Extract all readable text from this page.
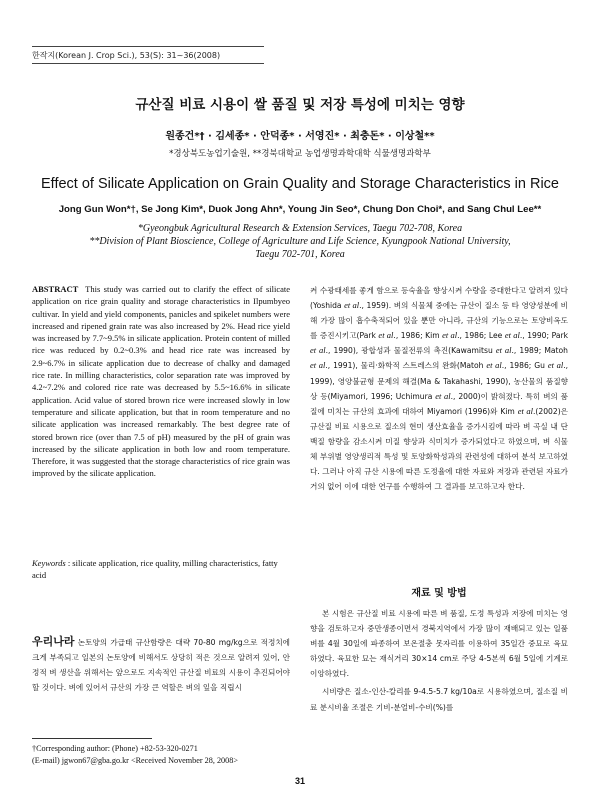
한작지(Korean J. Crop Sci.), 53(S): 31~36(2008)
규산질 비료 시용이 쌀 품질 및 저장 특성에 미치는 영향
원종건*† · 김세종* · 안덕종* · 서영진* · 최충돈* · 이상철**
*경상북도농업기술원, **경북대학교 농업생명과학대학 식물생명과학부
Effect of Silicate Application on Grain Quality and Storage Characteristics in Rice
Jong Gun Won*†, Se Jong Kim*, Duok Jong Ahn*, Young Jin Seo*, Chung Don Choi*, and Sang Chul Lee**
*Gyeongbuk Agricultural Research & Extension Services, Taegu 702-708, Korea
**Division of Plant Bioscience, College of Agriculture and Life Science, Kyungpook National University,
Taegu 702-701, Korea
ABSTRACT This study was carried out to clarify the effect of silicate application on rice grain quality and storage characteristics in Ilpumbyeo cultivar. In yield and yield components, panicles and spikelet numbers were increased and ripened grain rate was also increased by 2%. Head rice yield was increased by 7.7~9.5% in silicate application. Protein content of milled rice was reduced by 0.2~0.3% and head rice rate was increased by 2.9~6.7% in silicate application due to decrease of chalky and damaged rice rate. In milling characteristics, color separation rate was improved by 4.2~7.2% and colored rice rate was decreased by 5.5~16.6% in silicate application. Acid value of stored brown rice were increased slowly in low temperature and silicate application, but that in room temperature and no silicate application was increased remarkably. The best degree rate of stored brown rice (over than 7.5 of pH) measured by the pH of grain was increased by the silicate application in both low and room temperature. Therefore, it was suggested that the storage characteristics of rice grain was improved by the silicate application.
Keywords : silicate application, rice quality, milling characteristics, fatty acid
우리나라 논토양의 가급태 규산함량은 대략 70-80 mg/kg으로 적정치에 크게 부족되고 일본의 논토양에 비해서도 상당히 적은 것으로 알려져 있어, 안정적 벼 생산을 위해서는 앞으로도 지속적인 규산질 비료의 시용이 추진되어야 할 것이다. 벼에 있어서 규산의 가장 큰 역할은 벼의 잎을 직립시
†Corresponding author: (Phone) +82-53-320-0271
(E-mail) jgwon67@gba.go.kr <Received November 28, 2008>
켜 수광태세를 좋게 함으로 등숙율을 향상시켜 수량을 증대한다고 알려져 있다(Yoshida et al., 1959). 벼의 식물체 중에는 규산이 질소 등 타 영양성분에 비해 가장 많이 흡수축적되어 있을 뿐만 아니라, 규산의 기능으로는 토양비옥도를 증진시키고(Park et al., 1986; Kim et al., 1986; Lee et al., 1990; Park et al., 1990), 광합성과 물질전류의 촉진(Kawamitsu et al., 1989; Matoh et al., 1991), 물리·화학적 스트레스의 완화(Matoh et al., 1986; Gu et al., 1999), 영양불균형 문제의 해결(Ma & Takahashi, 1990), 농산물의 품질향상 등(Miyamori, 1996; Uchimura et al., 2000)이 밝혀졌다. 특히 벼의 품질에 미치는 규산의 효과에 대하여 Miyamori (1996)와 Kim et al.(2002)은 규산질 비료 시용으로 질소의 현미 생산효율을 증가시킴에 따라 벼 곡실 내 단백질 함량을 감소시켜 미질 향상과 식미치가 증가되었다고 하였으며, 벼 식물체 부위별 영양생리적 특성 및 토양화학성과의 관련성에 대하여 분석 보고하였다. 그러나 아직 규산 시용에 따른 도정율에 대한 자료와 저장과 관련된 자료가 거의 없어 이에 대한 연구를 수행하여 그 결과를 보고하고자 한다.
재료 및 방법

본 시험은 규산질 비료 시용에 따른 벼 품질, 도정 특성과 저장에 미치는 영향을 검토하고자 중만생종이면서 경북지역에서 가장 많이 재배되고 있는 일품벼를 4월 30일에 파종하여 보온절충 못자리를 이용하여 35일간 중묘로 육묘하였다. 육묘한 묘는 재식거리 30×14 cm로 주당 4-5본씩 6월 5일에 기계로 이앙하였다.

시비량은 질소-인산-칼리를 9-4.5-5.7 kg/10a로 시용하였으며, 질소질 비료 분시비율 조절은 기비-분얼비-수비(%)를

31
